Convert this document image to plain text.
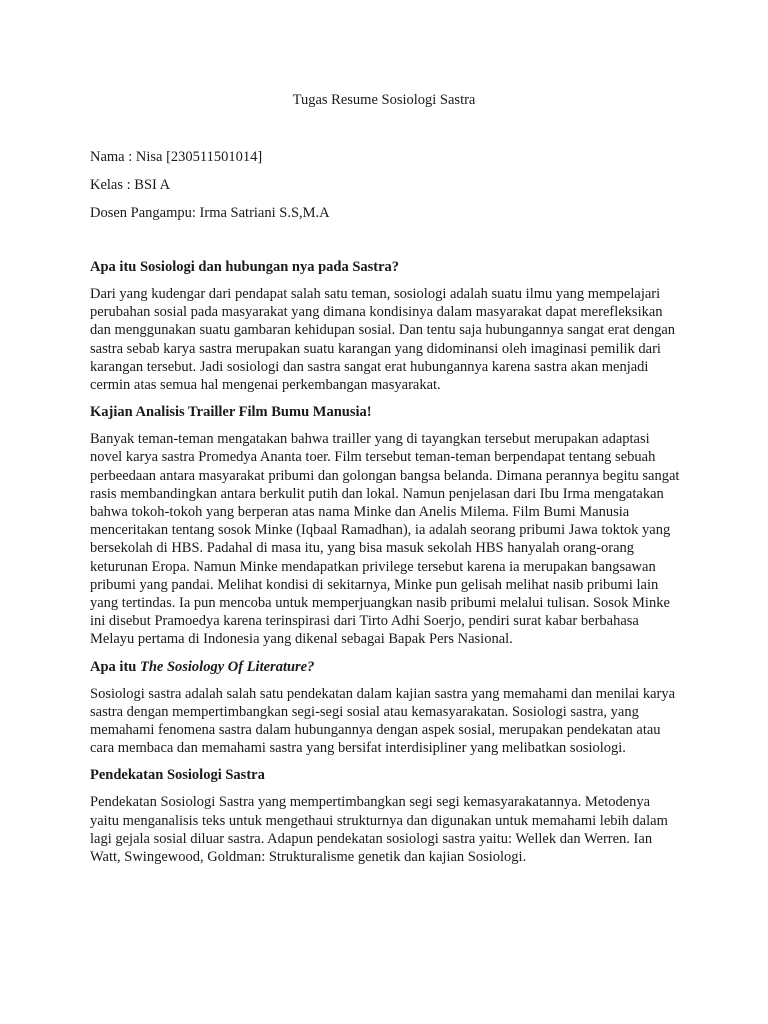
Tugas Resume Sosiologi Sastra
Nama : Nisa [230511501014]
Kelas : BSI A
Dosen Pangampu: Irma Satriani S.S,M.A
Apa itu Sosiologi dan hubungan nya pada Sastra?

Dari yang kudengar dari pendapat salah satu teman, sosiologi adalah suatu ilmu yang mempelajari perubahan sosial pada masyarakat yang dimana kondisinya dalam masyarakat dapat merefleksikan dan menggunakan suatu gambaran kehidupan sosial. Dan tentu saja hubungannya sangat erat dengan sastra sebab karya sastra merupakan suatu karangan yang didominansi oleh imaginasi pemilik dari karangan tersebut. Jadi sosiologi dan sastra sangat erat hubungannya karena sastra akan menjadi cermin atas semua hal mengenai perkembangan masyarakat.

Kajian Analisis Trailler Film Bumu Manusia!

Banyak teman-teman mengatakan bahwa trailler yang di tayangkan tersebut merupakan adaptasi novel karya sastra Promedya Ananta toer. Film tersebut teman-teman berpendapat tentang sebuah perbeedaan antara masyarakat pribumi dan golongan bangsa belanda. Dimana perannya begitu sangat rasis membandingkan antara berkulit putih dan lokal. Namun penjelasan dari Ibu Irma mengatakan bahwa tokoh-tokoh yang berperan atas nama Minke dan Anelis Milema. Film Bumi Manusia menceritakan tentang sosok Minke (Iqbaal Ramadhan), ia adalah seorang pribumi Jawa toktok yang bersekolah di HBS. Padahal di masa itu, yang bisa masuk sekolah HBS hanyalah orang-orang keturunan Eropa. Namun Minke mendapatkan privilege tersebut karena ia merupakan bangsawan pribumi yang pandai. Melihat kondisi di sekitarnya, Minke pun gelisah melihat nasib pribumi lain yang tertindas. Ia pun mencoba untuk memperjuangkan nasib pribumi melalui tulisan. Sosok Minke ini disebut Pramoedya karena terinspirasi dari Tirto Adhi Soerjo, pendiri surat kabar berbahasa Melayu pertama di Indonesia yang dikenal sebagai Bapak Pers Nasional.

Apa itu The Sosiology Of Literature?

Sosiologi sastra adalah salah satu pendekatan dalam kajian sastra yang memahami dan menilai karya sastra dengan mempertimbangkan segi-segi sosial atau kemasyarakatan. Sosiologi sastra, yang memahami fenomena sastra dalam hubungannya dengan aspek sosial, merupakan pendekatan atau cara membaca dan memahami sastra yang bersifat interdisipliner yang melibatkan sosiologi.

Pendekatan Sosiologi Sastra

Pendekatan Sosiologi Sastra yang mempertimbangkan segi segi kemasyarakatannya. Metodenya yaitu menganalisis teks untuk mengethaui strukturnya dan digunakan untuk memahami lebih dalam lagi gejala sosial diluar sastra. Adapun pendekatan sosiologi sastra yaitu: Wellek dan Werren. Ian Watt, Swingewood, Goldman: Strukturalisme genetik dan kajian Sosiologi.
